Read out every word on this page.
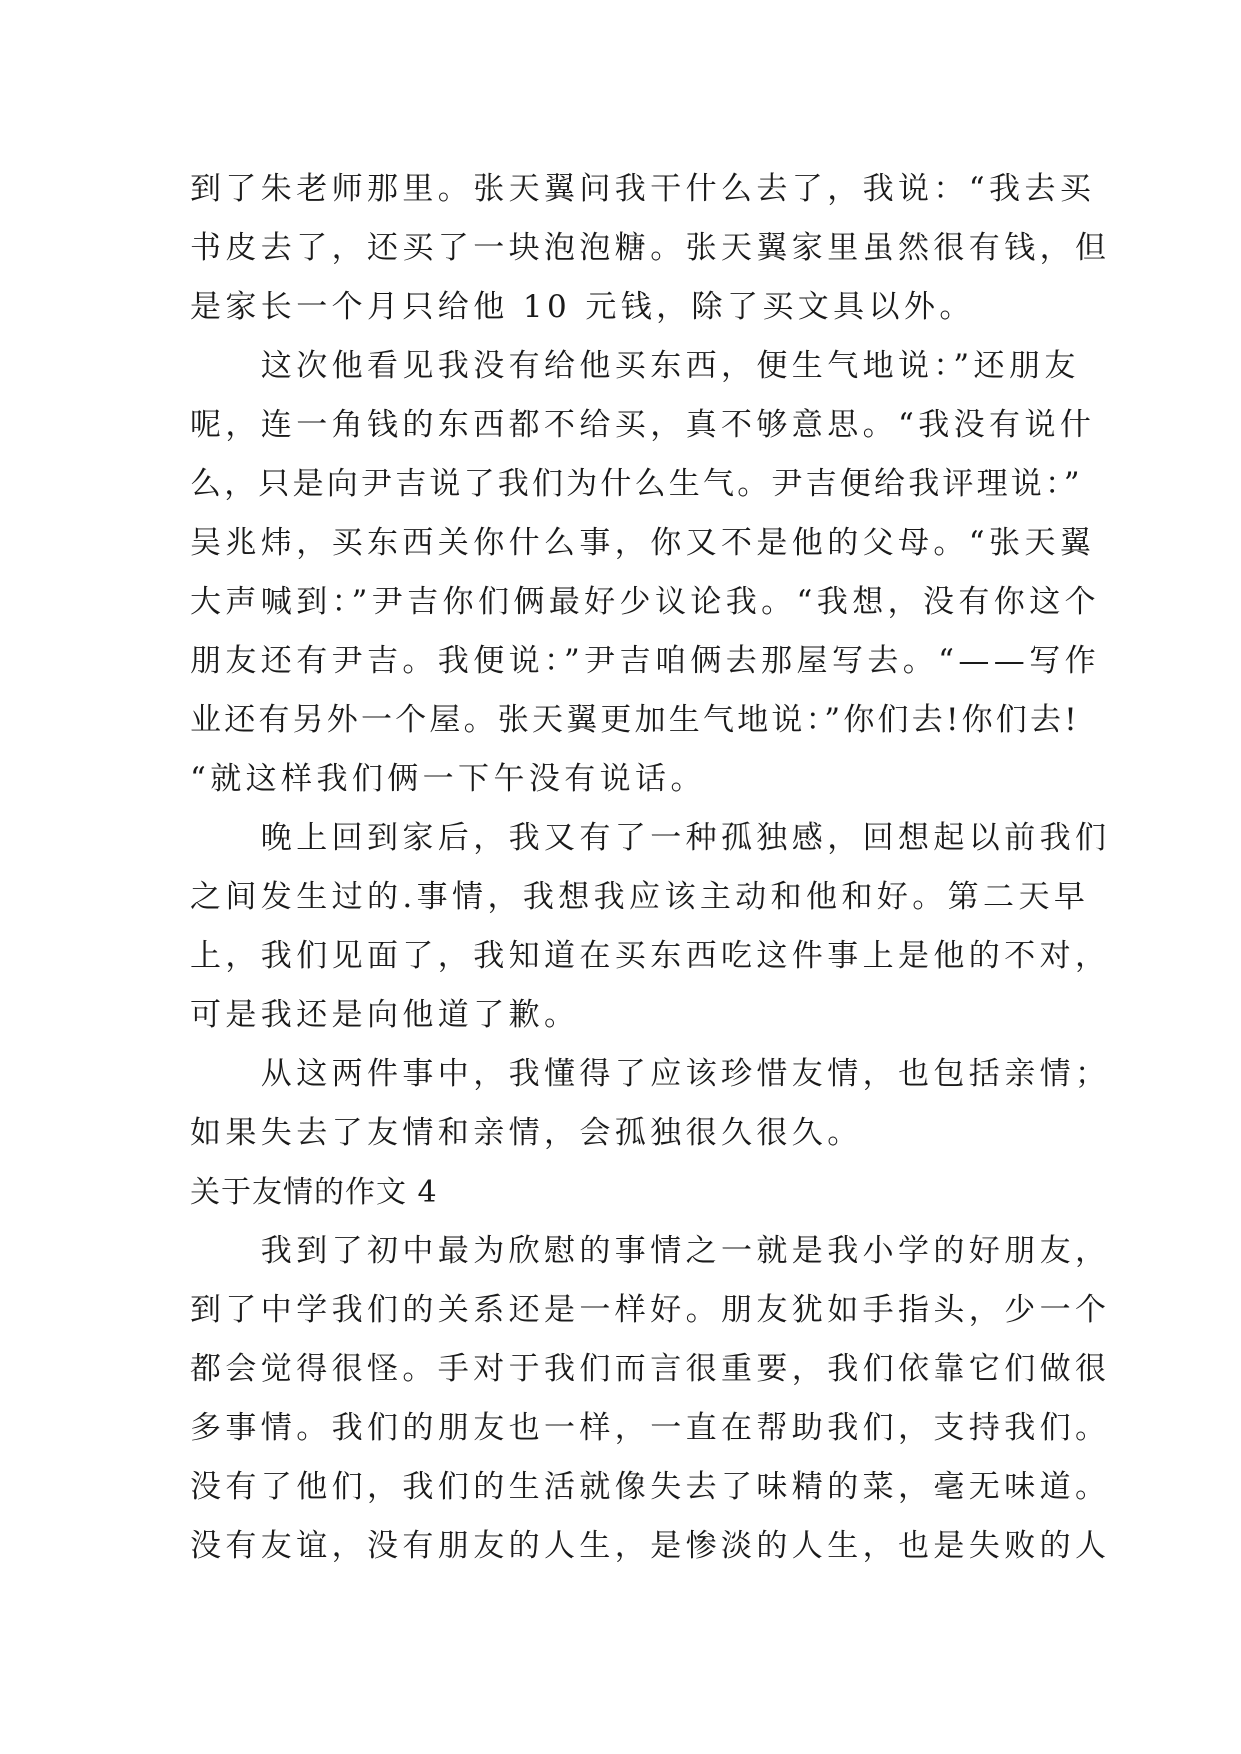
到了朱老师那里。张天翼问我干什么去了，我说：“我去买
书皮去了，还买了一块泡泡糖。张天翼家里虽然很有钱，但
是家长一个月只给他 10 元钱，除了买文具以外。
　　这次他看见我没有给他买东西，便生气地说：”还朋友
呢，连一角钱的东西都不给买，真不够意思。“我没有说什
么，只是向尹吉说了我们为什么生气。尹吉便给我评理说：”
吴兆炜，买东西关你什么事，你又不是他的父母。“张天翼
大声喊到：”尹吉你们俩最好少议论我。“我想，没有你这个
朋友还有尹吉。我便说：”尹吉咱俩去那屋写去。“——写作
业还有另外一个屋。张天翼更加生气地说：”你们去!你们去!
“就这样我们俩一下午没有说话。
　　晚上回到家后，我又有了一种孤独感，回想起以前我们
之间发生过的.事情，我想我应该主动和他和好。第二天早
上，我们见面了，我知道在买东西吃这件事上是他的不对，
可是我还是向他道了歉。
　　从这两件事中，我懂得了应该珍惜友情，也包括亲情；
如果失去了友情和亲情，会孤独很久很久。
关于友情的作文 4
　　我到了初中最为欣慰的事情之一就是我小学的好朋友，
到了中学我们的关系还是一样好。朋友犹如手指头，少一个
都会觉得很怪。手对于我们而言很重要，我们依靠它们做很
多事情。我们的朋友也一样，一直在帮助我们，支持我们。
没有了他们，我们的生活就像失去了味精的菜，毫无味道。
没有友谊，没有朋友的人生，是惨淡的人生，也是失败的人
